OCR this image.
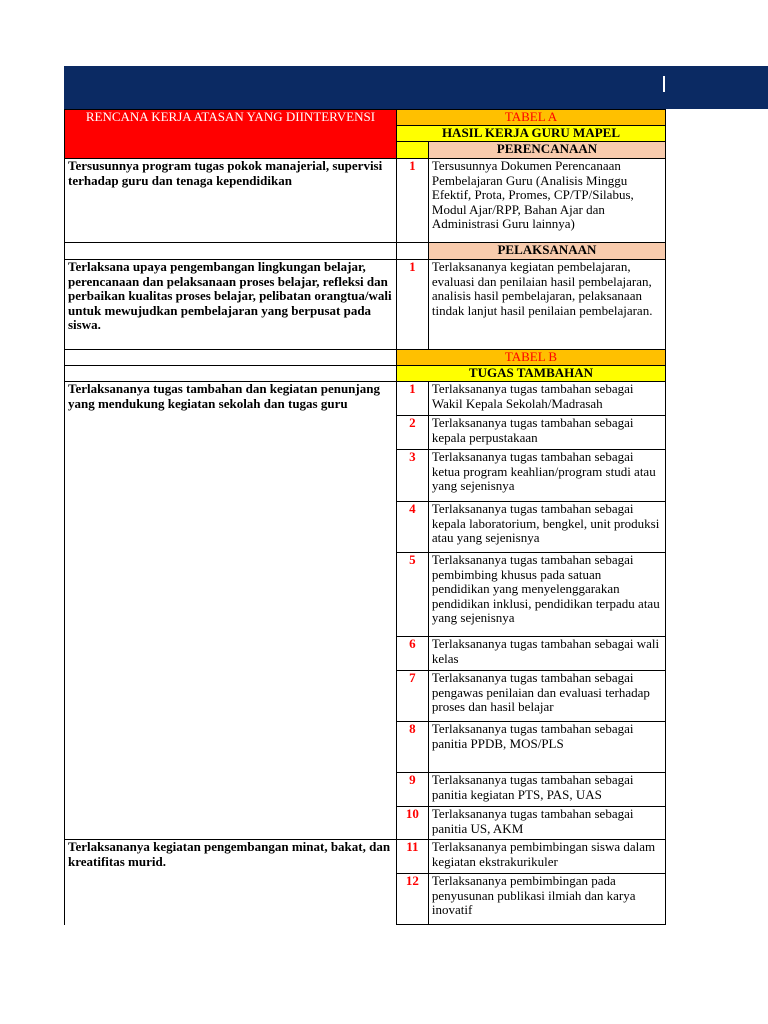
RENCANA KERJA ATASAN YANG DIINTERVENSI	TABEL A	
	HASIL KERJA GURU MAPEL	
		PERENCANAAN
Tersusunnya program tugas pokok manajerial, supervisi terhadap guru dan tenaga kependidikan	1	Tersusunnya Dokumen Perencanaan Pembelajaran Guru (Analisis Minggu Efektif, Prota, Promes, CP/TP/Silabus, Modul Ajar/RPP, Bahan Ajar dan Administrasi Guru lainnya)
		PELAKSANAAN
Terlaksana upaya pengembangan lingkungan belajar, perencanaan dan pelaksanaan proses belajar, refleksi dan perbaikan kualitas proses belajar, pelibatan orangtua/wali untuk mewujudkan pembelajaran yang berpusat pada siswa.	1	Terlaksananya kegiatan pembelajaran, evaluasi dan penilaian hasil pembelajaran, analisis hasil pembelajaran, pelaksanaan tindak lanjut hasil penilaian pembelajaran.
	TABEL B	
	TUGAS TAMBAHAN	
Terlaksananya tugas tambahan dan kegiatan penunjang yang mendukung kegiatan sekolah dan tugas guru	1	Terlaksananya tugas tambahan sebagai Wakil Kepala Sekolah/Madrasah
	2	Terlaksananya tugas tambahan sebagai kepala perpustakaan
	3	Terlaksananya tugas tambahan sebagai ketua program keahlian/program studi atau yang sejenisnya
	4	Terlaksananya tugas tambahan sebagai kepala laboratorium, bengkel, unit produksi atau yang sejenisnya
	5	Terlaksananya tugas tambahan sebagai pembimbing khusus pada satuan pendidikan yang menyelenggarakan pendidikan inklusi, pendidikan terpadu atau yang sejenisnya
	6	Terlaksananya tugas tambahan sebagai wali kelas
	7	Terlaksananya tugas tambahan sebagai pengawas penilaian dan evaluasi terhadap proses dan hasil belajar
	8	Terlaksananya tugas tambahan sebagai panitia PPDB, MOS/PLS
	9	Terlaksananya tugas tambahan sebagai panitia kegiatan PTS, PAS, UAS
	10	Terlaksananya tugas tambahan sebagai panitia US, AKM
Terlaksananya kegiatan pengembangan minat, bakat, dan kreatifitas murid.	11	Terlaksananya pembimbingan siswa dalam kegiatan ekstrakurikuler
	12	Terlaksananya pembimbingan pada penyusunan publikasi ilmiah dan karya inovatif
